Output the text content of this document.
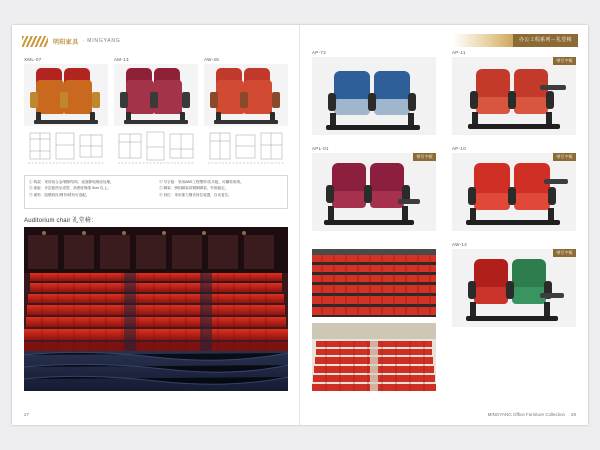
明阳家具 · MINGYANG
XML-07	AM-13	AW-48
① 构架：采用铝合金/钢制结构，表面静电喷涂处理。
② 座板：多层板热压成型，高密度海绵 9cm 以上。
③ 面料：阻燃西皮/网布/绒布可选配。
④ 写字板：采用ABS工程塑料/实木板，可翻转收纳。
⑤ 脚架：铸铝脚架或钢制脚架，牢固稳定。
⑥ 回位：采用重力静音回位装置，自动复位。
Auditorium chair 礼堂椅：
27
办公工程系列－礼堂椅
AP-72	AP-11
带写字板
APL-01
带写字板
AP-10
带写字板
AW-14
带写字板
MINGYANG Office Furniture Collection 29
